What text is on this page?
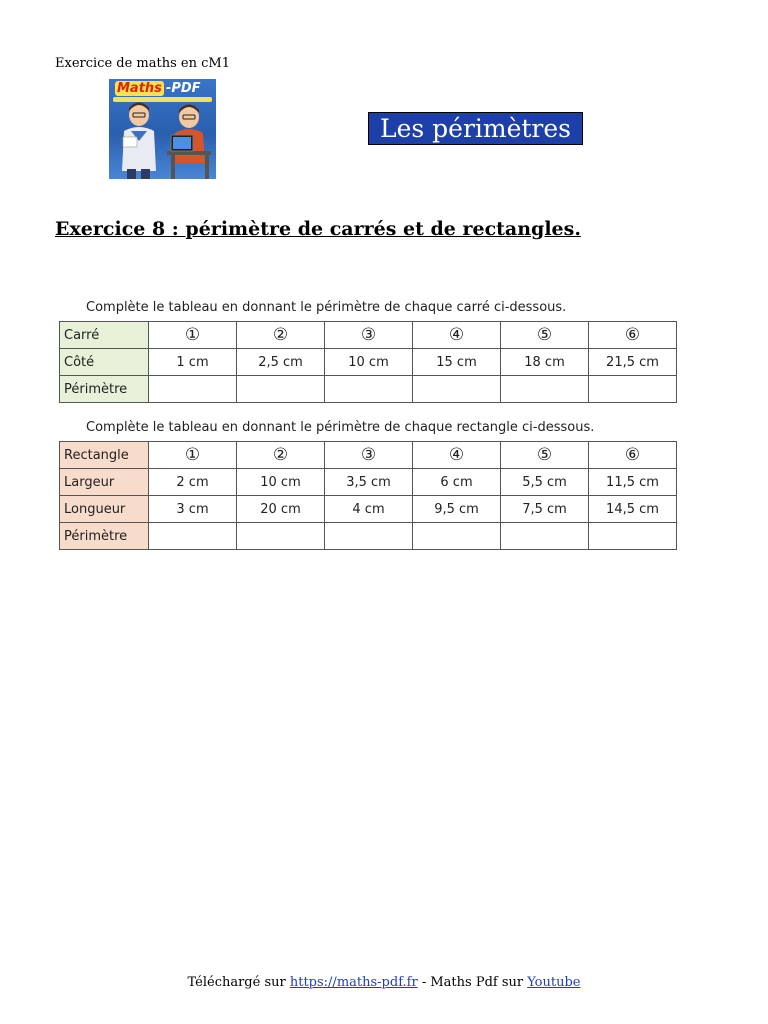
Exercice de maths en cM1
Maths -PDF
Les périmètres
Exercice 8 : périmètre de carrés et de rectangles.
Complète le tableau en donnant le périmètre de chaque carré ci-dessous.
Carré	①	②	③	④	⑤	⑥
Côté	1 cm	2,5 cm	10 cm	15 cm	18 cm	21,5 cm
Périmètre						
Complète le tableau en donnant le périmètre de chaque rectangle ci-dessous.
Rectangle	①	②	③	④	⑤	⑥
Largeur	2 cm	10 cm	3,5 cm	6 cm	5,5 cm	11,5 cm
Longueur	3 cm	20 cm	4 cm	9,5 cm	7,5 cm	14,5 cm
Périmètre						
Téléchargé sur https://maths-pdf.fr - Maths Pdf sur Youtube
